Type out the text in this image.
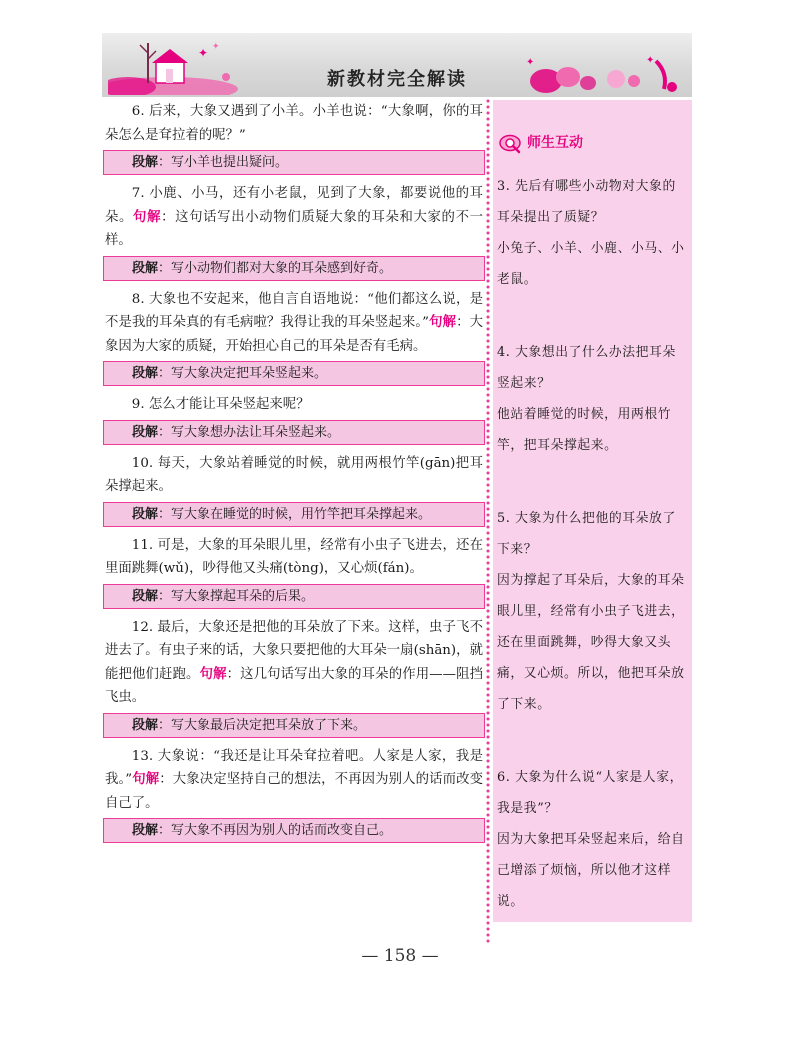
✦ ✦
新教材完全解读
✦	✦

6. 后来，大象又遇到了小羊。小羊也说：“大象啊，你的耳朵怎么是耷拉着的呢？”

段解：写小羊也提出疑问。

7. 小鹿、小马，还有小老鼠，见到了大象，都要说他的耳朵。句解：这句话写出小动物们质疑大象的耳朵和大家的不一样。

段解：写小动物们都对大象的耳朵感到好奇。

8. 大象也不安起来，他自言自语地说：“他们都这么说，是不是我的耳朵真的有毛病啦？我得让我的耳朵竖起来。”句解：大象因为大家的质疑，开始担心自己的耳朵是否有毛病。

段解：写大象决定把耳朵竖起来。

9. 怎么才能让耳朵竖起来呢？

段解：写大象想办法让耳朵竖起来。

10. 每天，大象站着睡觉的时候，就用两根竹竿(gān)把耳朵撑起来。

段解：写大象在睡觉的时候，用竹竿把耳朵撑起来。

11. 可是，大象的耳朵眼儿里，经常有小虫子飞进去，还在里面跳舞(wǔ)，吵得他又头痛(tòng)，又心烦(fán)。

段解：写大象撑起耳朵的后果。

12. 最后，大象还是把他的耳朵放了下来。这样，虫子飞不进去了。有虫子来的话，大象只要把他的大耳朵一扇(shān)，就能把他们赶跑。句解：这几句话写出大象的耳朵的作用——阻挡飞虫。

段解：写大象最后决定把耳朵放了下来。

13. 大象说：“我还是让耳朵耷拉着吧。人家是人家，我是我。”句解：大象决定坚持自己的想法，不再因为别人的话而改变自己了。

段解：写大象不再因为别人的话而改变自己。
师生互动

3. 先后有哪些小动物对大象的耳朵提出了质疑？

小兔子、小羊、小鹿、小马、小老鼠。

4. 大象想出了什么办法把耳朵竖起来？

他站着睡觉的时候，用两根竹竿，把耳朵撑起来。

5. 大象为什么把他的耳朵放了下来？

因为撑起了耳朵后，大象的耳朵眼儿里，经常有小虫子飞进去，还在里面跳舞，吵得大象又头痛，又心烦。所以，他把耳朵放了下来。

6. 大象为什么说“人家是人家，我是我”？

因为大象把耳朵竖起来后，给自己增添了烦恼，所以他才这样说。

— 158 —
